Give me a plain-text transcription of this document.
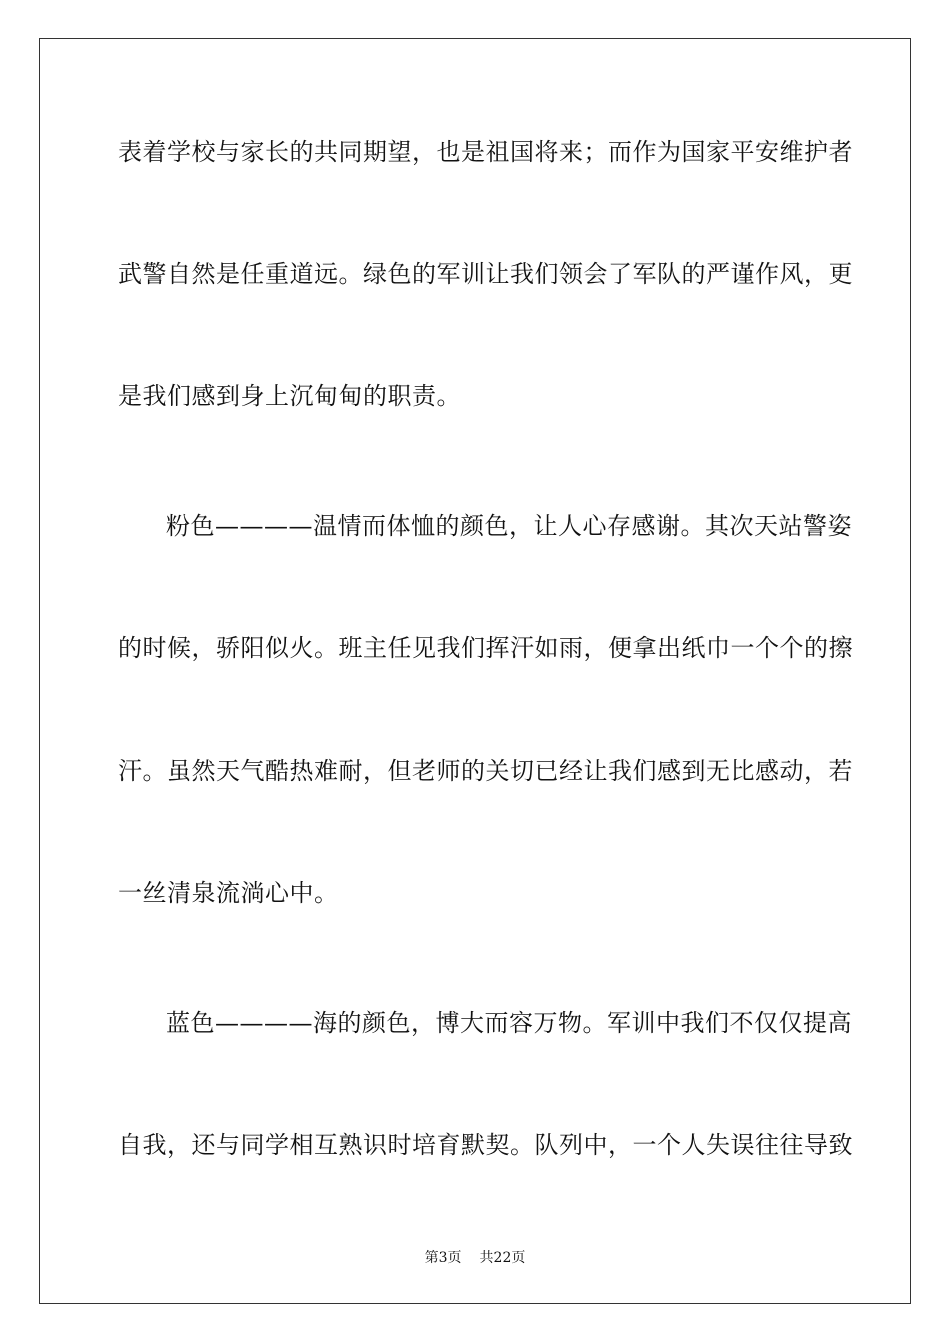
表着学校与家长的共同期望，也是祖国将来；而作为国家平安维护者
武警自然是任重道远。绿色的军训让我们领会了军队的严谨作风，更
是我们感到身上沉甸甸的职责。
粉色————温情而体恤的颜色，让人心存感谢。其次天站警姿
的时候，骄阳似火。班主任见我们挥汗如雨，便拿出纸巾一个个的擦
汗。虽然天气酷热难耐，但老师的关切已经让我们感到无比感动，若
一丝清泉流淌心中。
蓝色————海的颜色，博大而容万物。军训中我们不仅仅提高
自我，还与同学相互熟识时培育默契。队列中，一个人失误往往导致
第3页 共22页
